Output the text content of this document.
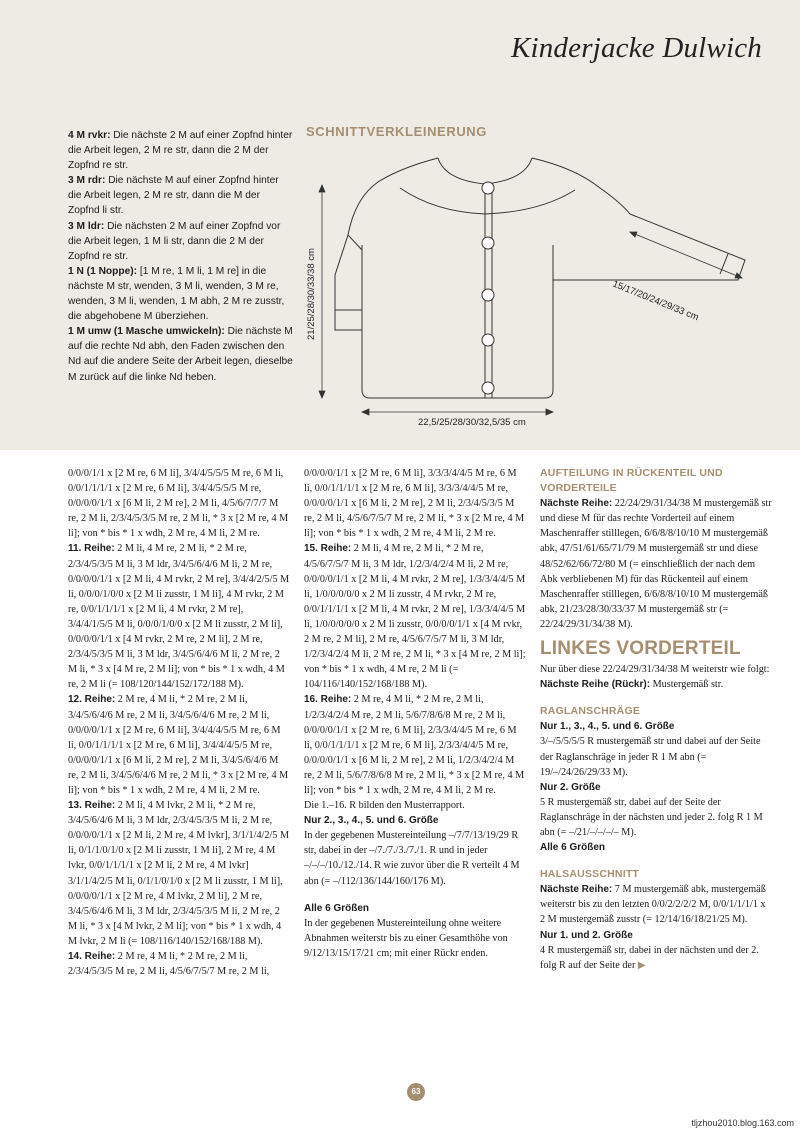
Kinderjacke Dulwich

4 M rvkr: Die nächste 2 M auf einer Zopfnd hinter die Arbeit legen, 2 M re str, dann die 2 M der Zopfnd re str.

3 M rdr: Die nächste M auf einer Zopfnd hinter die Arbeit legen, 2 M re str, dann die M der Zopfnd li str.

3 M ldr: Die nächsten 2 M auf einer Zopfnd vor die Arbeit legen, 1 M li str, dann die 2 M der Zopfnd re str.

1 N (1 Noppe): [1 M re, 1 M li, 1 M re] in die nächste M str, wenden, 3 M li, wenden, 3 M re, wenden, 3 M li, wenden, 1 M abh, 2 M re zusstr, die abgehobene M überziehen.

1 M umw (1 Masche umwickeln): Die nächste M auf die rechte Nd abh, den Faden zwischen den Nd auf die andere Seite der Arbeit legen, dieselbe M zurück auf die linke Nd heben.

SCHNITTVERKLEINERUNG
21/25/28/30/33/38 cm
22,5/25/28/30/32,5/35 cm
15/17/20/24/29/33 cm

0/0/0/1/1 x [2 M re, 6 M li], 3/4/4/5/5/5 M re, 6 M li, 0/0/1/1/1/1 x [2 M re, 6 M li], 3/4/4/5/5/5 M re, 0/0/0/0/1/1 x [6 M li, 2 M re], 2 M li, 4/5/6/7/7/7 M re, 2 M li, 2/3/4/5/3/5 M re, 2 M li, * 3 x [2 M re, 4 M li]; von * bis * 1 x wdh, 2 M re, 4 M li, 2 M re.

11. Reihe: 2 M li, 4 M re, 2 M li, * 2 M re, 2/3/4/5/3/5 M li, 3 M ldr, 3/4/5/6/4/6 M li, 2 M re, 0/0/0/0/1/1 x [2 M li, 4 M rvkr, 2 M re], 3/4/4/2/5/5 M li, 0/0/0/1/0/0 x [2 M li zusstr, 1 M li], 4 M rvkr, 2 M re, 0/0/1/1/1/1 x [2 M li, 4 M rvkr, 2 M re], 3/4/4/1/5/5 M li, 0/0/0/1/0/0 x [2 M li zusstr, 2 M li], 0/0/0/0/1/1 x [4 M rvkr, 2 M re, 2 M li], 2 M re, 2/3/4/5/3/5 M li, 3 M ldr, 3/4/5/6/4/6 M li, 2 M re, 2 M li, * 3 x [4 M re, 2 M li]; von * bis * 1 x wdh, 4 M re, 2 M li (= 108/120/144/152/172/188 M).

12. Reihe: 2 M re, 4 M li, * 2 M re, 2 M li, 3/4/5/6/4/6 M re, 2 M li, 3/4/5/6/4/6 M re, 2 M li, 0/0/0/0/1/1 x [2 M re, 6 M li], 3/4/4/4/5/5 M re, 6 M li, 0/0/1/1/1/1 x [2 M re, 6 M li], 3/4/4/4/5/5 M re, 0/0/0/0/1/1 x [6 M li, 2 M re], 2 M li, 3/4/5/6/4/6 M re, 2 M li, 3/4/5/6/4/6 M re, 2 M li, * 3 x [2 M re, 4 M li]; von * bis * 1 x wdh, 2 M re, 4 M li, 2 M re.

13. Reihe: 2 M li, 4 M lvkr, 2 M li, * 2 M re, 3/4/5/6/4/6 M li, 3 M ldr, 2/3/4/5/3/5 M li, 2 M re, 0/0/0/0/1/1 x [2 M li, 2 M re, 4 M lvkr], 3/1/1/4/2/5 M li, 0/1/1/0/1/0 x [2 M li zusstr, 1 M li], 2 M re, 4 M lvkr, 0/0/1/1/1/1 x [2 M li, 2 M re, 4 M lvkr] 3/1/1/4/2/5 M li, 0/1/1/0/1/0 x [2 M li zusstr, 1 M li], 0/0/0/0/1/1 x [2 M re, 4 M lvkr, 2 M li], 2 M re, 3/4/5/6/4/6 M li, 3 M ldr, 2/3/4/5/3/5 M li, 2 M re, 2 M li, * 3 x [4 M lvkr, 2 M li]; von * bis * 1 x wdh, 4 M lvkr, 2 M li (= 108/116/140/152/168/188 M).

14. Reihe: 2 M re, 4 M li, * 2 M re, 2 M li, 2/3/4/5/3/5 M re, 2 M li, 4/5/6/7/5/7 M re, 2 M li,

0/0/0/0/1/1 x [2 M re, 6 M li], 3/3/3/4/4/5 M re, 6 M li, 0/0/1/1/1/1 x [2 M re, 6 M li], 3/3/3/4/4/5 M re, 0/0/0/0/1/1 x [6 M li, 2 M re], 2 M li, 2/3/4/5/3/5 M re, 2 M li, 4/5/6/7/5/7 M re, 2 M li, * 3 x [2 M re, 4 M li]; von * bis * 1 x wdh, 2 M re, 4 M li, 2 M re.

15. Reihe: 2 M li, 4 M re, 2 M li, * 2 M re, 4/5/6/7/5/7 M li, 3 M ldr, 1/2/3/4/2/4 M li, 2 M re, 0/0/0/0/1/1 x [2 M li, 4 M rvkr, 2 M re], 1/3/3/4/4/5 M li, 1/0/0/0/0/0 x 2 M li zusstr, 4 M rvkr, 2 M re, 0/0/1/1/1/1 x [2 M li, 4 M rvkr, 2 M re], 1/3/3/4/4/5 M li, 1/0/0/0/0/0 x 2 M li zusstr, 0/0/0/0/1/1 x [4 M rvkr, 2 M re, 2 M li], 2 M re, 4/5/6/7/5/7 M li, 3 M ldr, 1/2/3/4/2/4 M li, 2 M re, 2 M li, * 3 x [4 M re, 2 M li]; von * bis * 1 x wdh, 4 M re, 2 M li (= 104/116/140/152/168/188 M).

16. Reihe: 2 M re, 4 M li, * 2 M re, 2 M li, 1/2/3/4/2/4 M re, 2 M li, 5/6/7/8/6/8 M re, 2 M li, 0/0/0/0/1/1 x [2 M re, 6 M li], 2/3/3/4/4/5 M re, 6 M li, 0/0/1/1/1/1 x [2 M re, 6 M li], 2/3/3/4/4/5 M re, 0/0/0/0/1/1 x [6 M li, 2 M re], 2 M li, 1/2/3/4/2/4 M re, 2 M li, 5/6/7/8/6/8 M re, 2 M li, * 3 x [2 M re, 4 M li]; von * bis * 1 x wdh, 2 M re, 4 M li, 2 M re.

Die 1.–16. R bilden den Musterrapport.

Nur 2., 3., 4., 5. und 6. Größe

In der gegebenen Mustereinteilung –/7/7/13/19/29 R str, dabei in der –/7./7./3./7./1. R und in jeder –/–/–/10./12./14. R wie zuvor über die R verteilt 4 M abn (= –/112/136/144/160/176 M).

Alle 6 Größen

In der gegebenen Mustereinteilung ohne weitere Abnahmen weiterstr bis zu einer Gesamthöhe von 9/12/13/15/17/21 cm; mit einer Rückr enden.

AUFTEILUNG IN RÜCKENTEIL UND VORDERTEILE

Nächste Reihe: 22/24/29/31/34/38 M mustergemäß str und diese M für das rechte Vorderteil auf einem Maschenraffer stilllegen, 6/6/8/8/10/10 M mustergemäß abk, 47/51/61/65/71/79 M mustergemäß str und diese 48/52/62/66/72/80 M (= einschließlich der nach dem Abk verbliebenen M) für das Rückenteil auf einem Maschenraffer stilllegen, 6/6/8/8/10/10 M mustergemäß abk, 21/23/28/30/33/37 M mustergemäß str (= 22/24/29/31/34/38 M).

LINKES VORDERTEIL

Nur über diese 22/24/29/31/34/38 M weiterstr wie folgt:

Nächste Reihe (Rückr): Mustergemäß str.

RAGLANSCHRÄGE

Nur 1., 3., 4., 5. und 6. Größe

3/–/5/5/5/5 R mustergemäß str und dabei auf der Seite der Raglanschräge in jeder R 1 M abn (= 19/–/24/26/29/33 M).

Nur 2. Größe

5 R mustergemäß str, dabei auf der Seite der Raglanschräge in der nächsten und jeder 2. folg R 1 M abn (= –/21/–/–/–/– M).

Alle 6 Größen

HALSAUSSCHNITT

Nächste Reihe: 7 M mustergemäß abk, mustergemäß weiterstr bis zu den letzten 0/0/2/2/2/2 M, 0/0/1/1/1/1 x 2 M mustergemäß zusstr (= 12/14/16/18/21/25 M).

Nur 1. und 2. Größe

4 R mustergemäß str, dabei in der nächsten und der 2. folg R auf der Seite der ▶

63
tljzhou2010.blog.163.com
